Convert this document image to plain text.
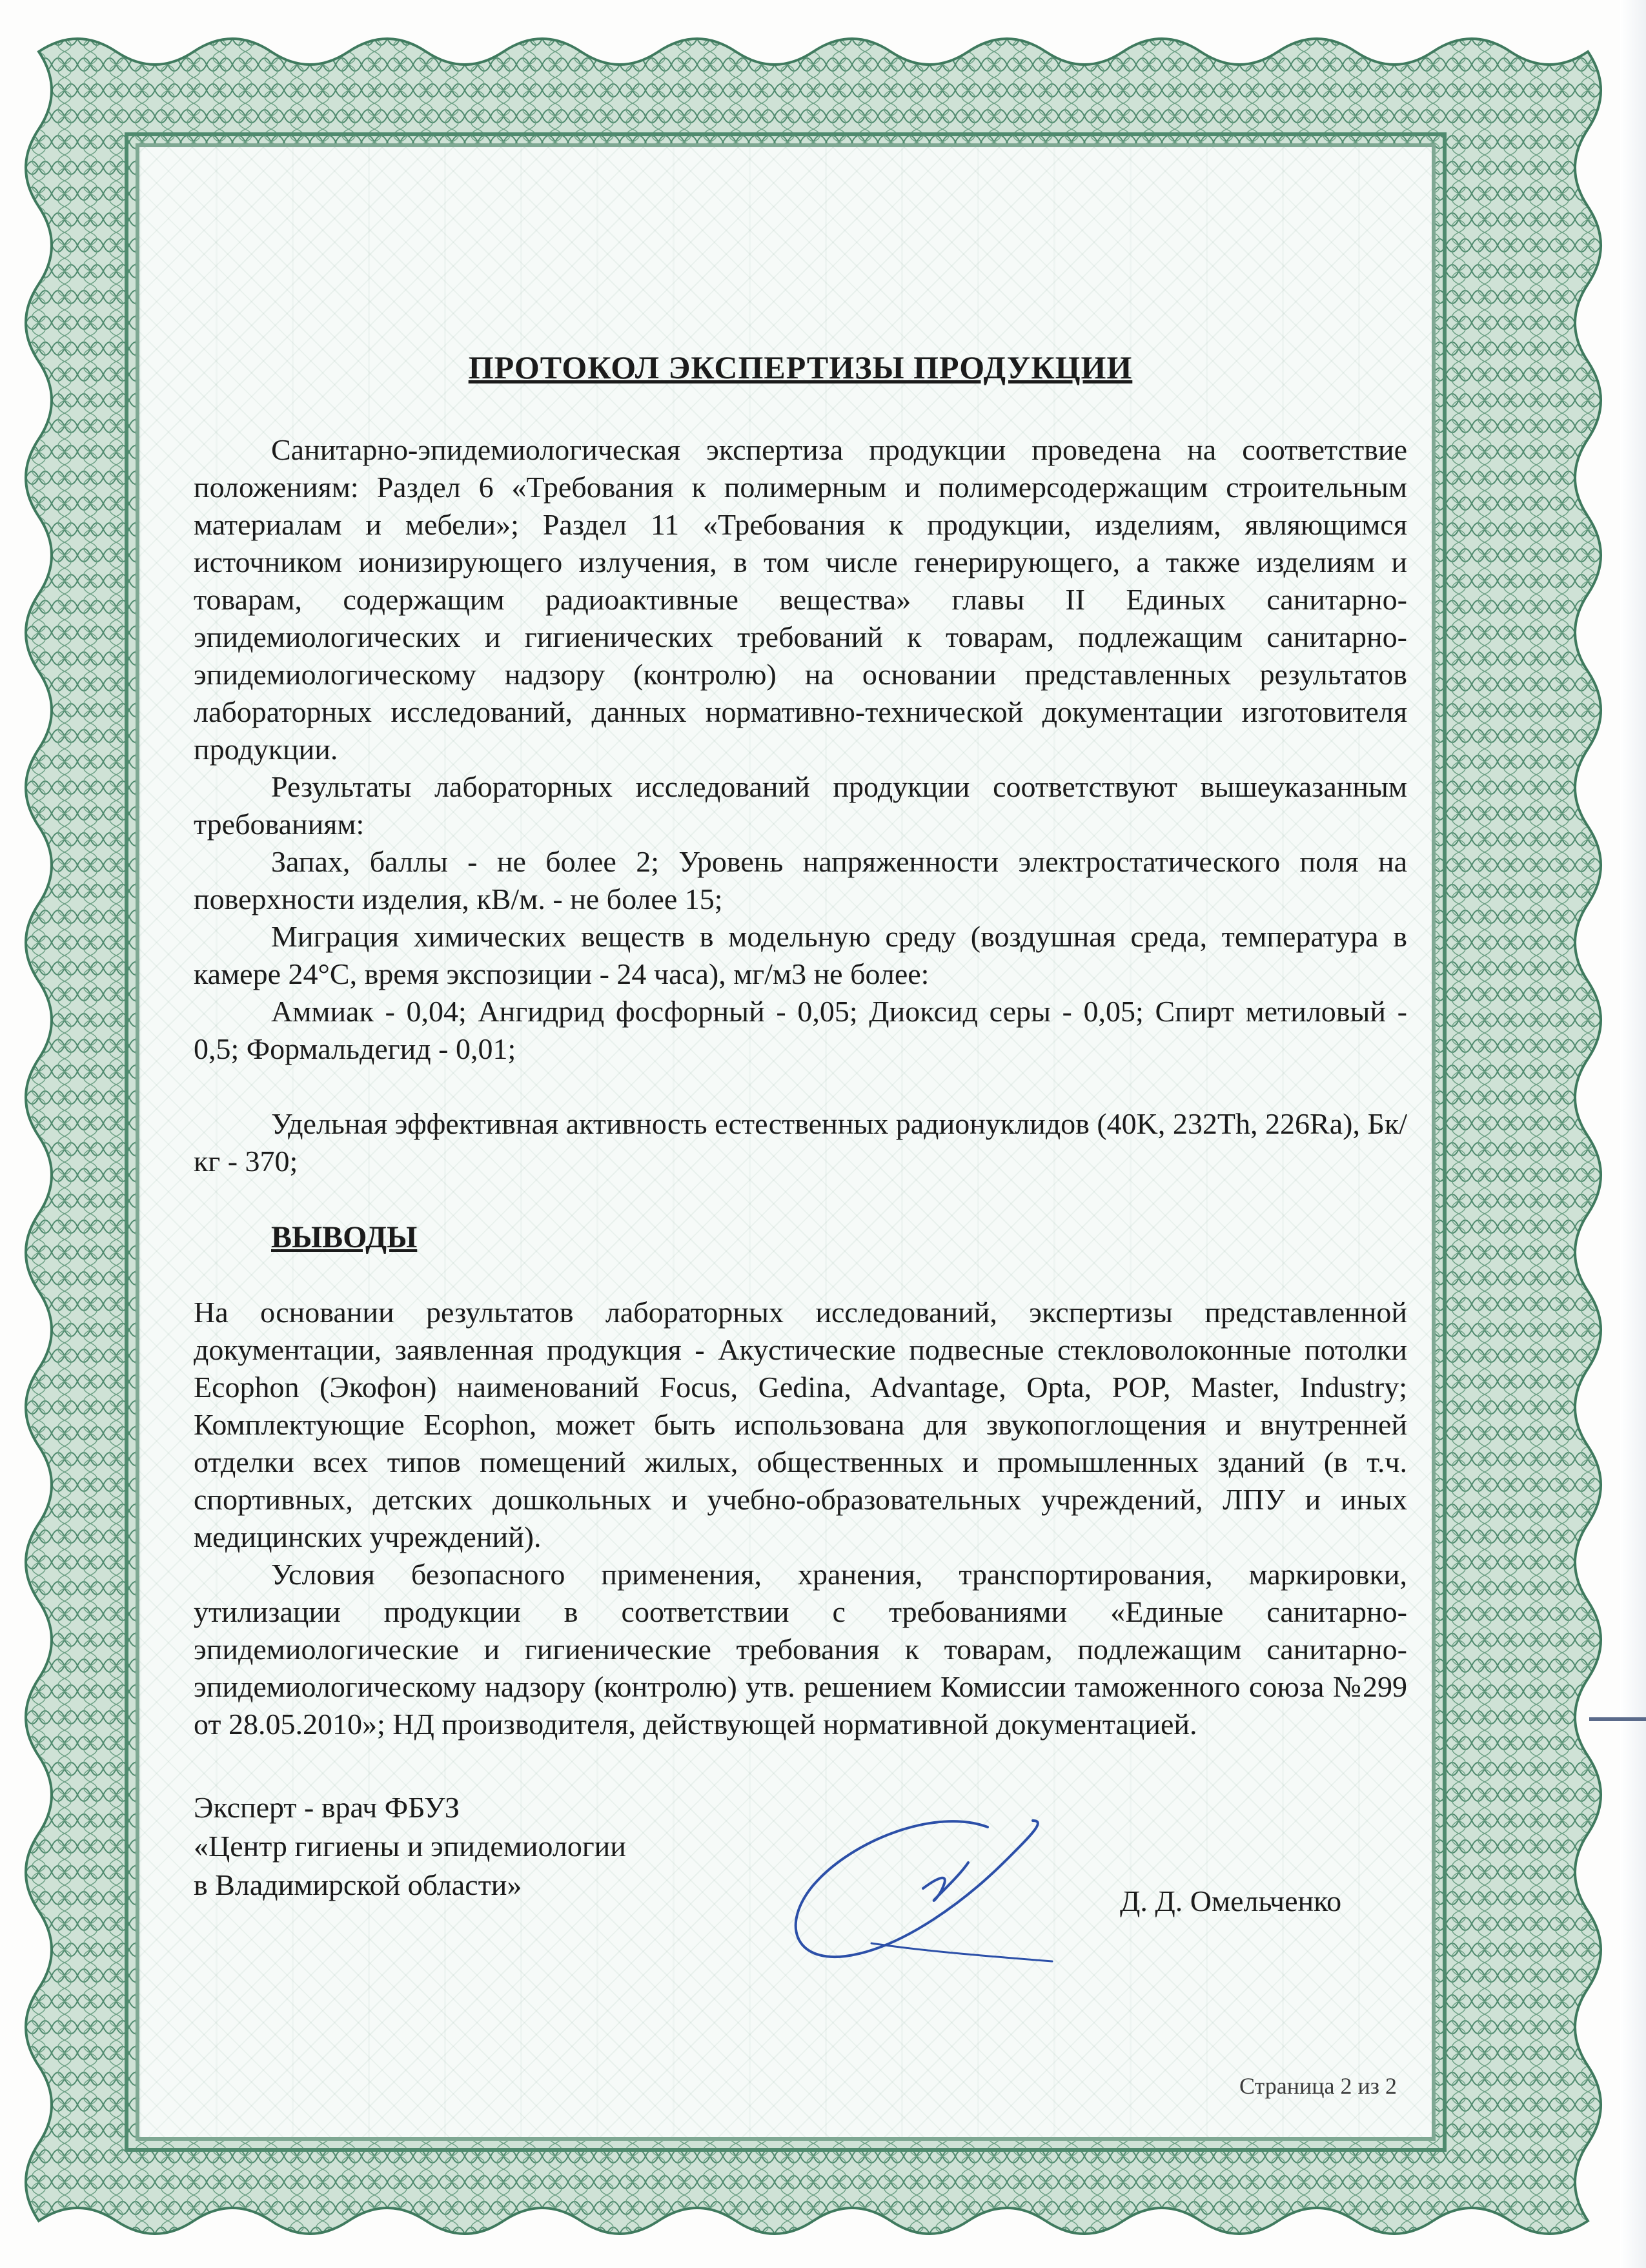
ПРОТОКОЛ ЭКСПЕРТИЗЫ ПРОДУКЦИИ

Санитарно-эпидемиологическая экспертиза продукции проведена на соответствие положениям: Раздел 6 «Требования к полимерным и полимерсодержащим строительным материалам и мебели»; Раздел 11 «Требования к продукции, изделиям, являющимся источником ионизирующего излучения, в том числе генерирующего, а также изделиям и товарам, содержащим радиоактивные вещества» главы II Единых санитарно-эпидемиологических и гигиенических требований к товарам, подлежащим санитарно-эпидемиологическому надзору (контролю) на основании представленных результатов лабораторных исследований, данных нормативно-технической документации изготовителя продукции.

Результаты лабораторных исследований продукции соответствуют вышеуказанным требованиям:

Запах, баллы - не более 2; Уровень напряженности электростатического поля на поверхности изделия, кВ/м. - не более 15;

Миграция химических веществ в модельную среду (воздушная среда, температура в камере 24°С, время экспозиции - 24 часа), мг/м3 не более:

Аммиак - 0,04; Ангидрид фосфорный - 0,05; Диоксид серы - 0,05; Спирт метиловый - 0,5; Формальдегид - 0,01;

Удельная эффективная активность естественных радионуклидов (40K, 232Th, 226Ra), Бк/кг - 370;

ВЫВОДЫ

На основании результатов лабораторных исследований, экспертизы представленной документации, заявленная продукция - Акустические подвесные стекловолоконные потолки Ecophon (Экофон) наименований Focus, Gedina, Advantage, Opta, POP, Master, Industry; Комплектующие Ecophon, может быть использована для звукопоглощения и внутренней отделки всех типов помещений жилых, общественных и промышленных зданий (в т.ч. спортивных, детских дошкольных и учебно-образовательных учреждений, ЛПУ и иных медицинских учреждений).

Условия безопасного применения, хранения, транспортирования, маркировки, утилизации продукции в соответствии с требованиями «Единые санитарно-эпидемиологические и гигиенические требования к товарам, подлежащим санитарно-эпидемиологическому надзору (контролю) утв. решением Комиссии таможенного союза №299 от 28.05.2010»; НД производителя, действующей нормативной документацией.

Эксперт - врач ФБУЗ
«Центр гигиены и эпидемиологии
в Владимирской области»	Д. Д. Омельченко
Страница 2 из 2
